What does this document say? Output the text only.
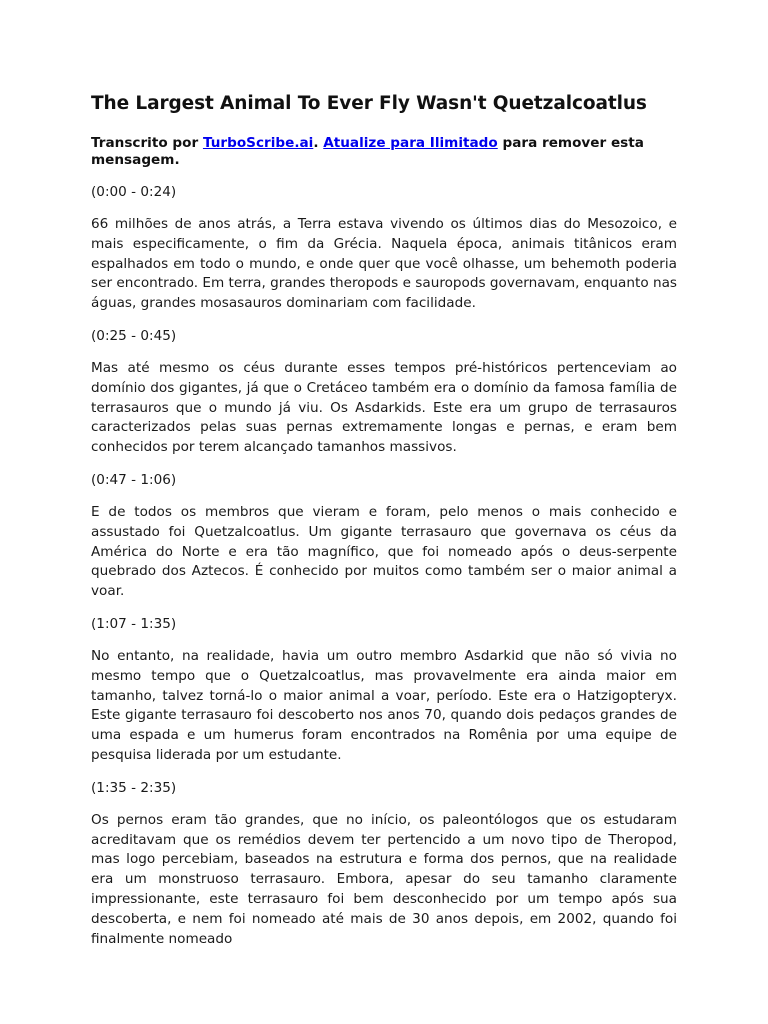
The Largest Animal To Ever Fly Wasn't Quetzalcoatlus
Transcrito por TurboScribe.ai. Atualize para Ilimitado para remover esta mensagem.
(0:00 - 0:24)
66 milhões de anos atrás, a Terra estava vivendo os últimos dias do Mesozoico, e mais especificamente, o fim da Grécia. Naquela época, animais titânicos eram espalhados em todo o mundo, e onde quer que você olhasse, um behemoth poderia ser encontrado. Em terra, grandes theropods e sauropods governavam, enquanto nas águas, grandes mosasauros dominariam com facilidade.
(0:25 - 0:45)
Mas até mesmo os céus durante esses tempos pré-históricos pertenceviam ao domínio dos gigantes, já que o Cretáceo também era o domínio da famosa família de terrasauros que o mundo já viu. Os Asdarkids. Este era um grupo de terrasauros caracterizados pelas suas pernas extremamente longas e pernas, e eram bem conhecidos por terem alcançado tamanhos massivos.
(0:47 - 1:06)
E de todos os membros que vieram e foram, pelo menos o mais conhecido e assustado foi Quetzalcoatlus. Um gigante terrasauro que governava os céus da América do Norte e era tão magnífico, que foi nomeado após o deus-serpente quebrado dos Aztecos. É conhecido por muitos como também ser o maior animal a voar.
(1:07 - 1:35)
No entanto, na realidade, havia um outro membro Asdarkid que não só vivia no mesmo tempo que o Quetzalcoatlus, mas provavelmente era ainda maior em tamanho, talvez torná-lo o maior animal a voar, período. Este era o Hatzigopteryx. Este gigante terrasauro foi descoberto nos anos 70, quando dois pedaços grandes de uma espada e um humerus foram encontrados na Romênia por uma equipe de pesquisa liderada por um estudante.
(1:35 - 2:35)
Os pernos eram tão grandes, que no início, os paleontólogos que os estudaram acreditavam que os remédios devem ter pertencido a um novo tipo de Theropod, mas logo percebiam, baseados na estrutura e forma dos pernos, que na realidade era um monstruoso terrasauro. Embora, apesar do seu tamanho claramente impressionante, este terrasauro foi bem desconhecido por um tempo após sua descoberta, e nem foi nomeado até mais de 30 anos depois, em 2002, quando foi finalmente nomeado
